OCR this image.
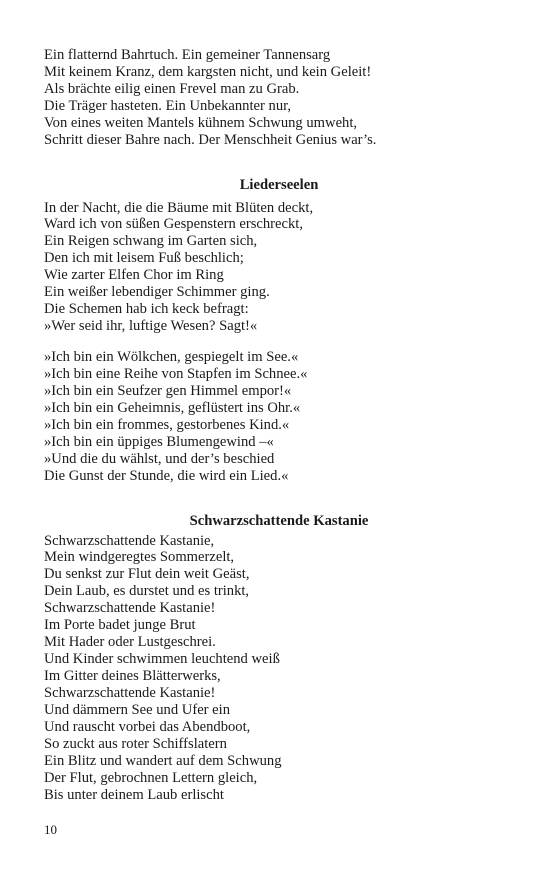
Ein flatternd Bahrtuch. Ein gemeiner Tannensarg
Mit keinem Kranz, dem kargsten nicht, und kein Geleit!
Als brächte eilig einen Frevel man zu Grab.
Die Träger hasteten. Ein Unbekannter nur,
Von eines weiten Mantels kühnem Schwung umweht,
Schritt dieser Bahre nach. Der Menschheit Genius war’s.
Liederseelen
In der Nacht, die die Bäume mit Blüten deckt,
Ward ich von süßen Gespenstern erschreckt,
Ein Reigen schwang im Garten sich,
Den ich mit leisem Fuß beschlich;
Wie zarter Elfen Chor im Ring
Ein weißer lebendiger Schimmer ging.
Die Schemen hab ich keck befragt:
»Wer seid ihr, luftige Wesen? Sagt!«
»Ich bin ein Wölkchen, gespiegelt im See.«
»Ich bin eine Reihe von Stapfen im Schnee.«
»Ich bin ein Seufzer gen Himmel empor!«
»Ich bin ein Geheimnis, geflüstert ins Ohr.«
»Ich bin ein frommes, gestorbenes Kind.«
»Ich bin ein üppiges Blumengewind –«
»Und die du wählst, und der’s beschied
Die Gunst der Stunde, die wird ein Lied.«
Schwarzschattende Kastanie
Schwarzschattende Kastanie,
Mein windgeregtes Sommerzelt,
Du senkst zur Flut dein weit Geäst,
Dein Laub, es durstet und es trinkt,
Schwarzschattende Kastanie!
Im Porte badet junge Brut
Mit Hader oder Lustgeschrei.
Und Kinder schwimmen leuchtend weiß
Im Gitter deines Blätterwerks,
Schwarzschattende Kastanie!
Und dämmern See und Ufer ein
Und rauscht vorbei das Abendboot,
So zuckt aus roter Schiffslatern
Ein Blitz und wandert auf dem Schwung
Der Flut, gebrochnen Lettern gleich,
Bis unter deinem Laub erlischt

10
